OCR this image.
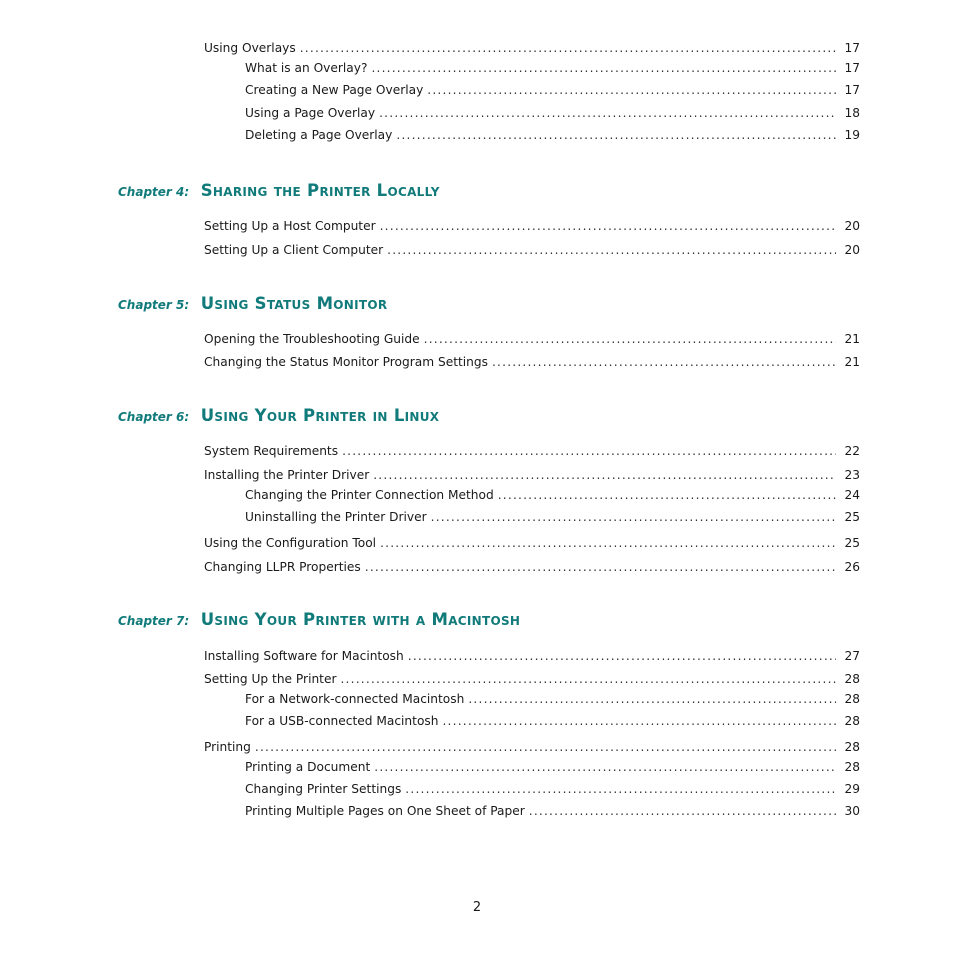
Using Overlays .....	17
What is an Overlay? .....	17
Creating a New Page Overlay .....	17
Using a Page Overlay .....	18
Deleting a Page Overlay .....	19
Chapter 4: Sharing the Printer Locally
Setting Up a Host Computer .....	20
Setting Up a Client Computer .....	20
Chapter 5: Using Status Monitor
Opening the Troubleshooting Guide .....	21
Changing the Status Monitor Program Settings .....	21
Chapter 6: Using Your Printer in Linux
System Requirements .....	22
Installing the Printer Driver .....	23
Changing the Printer Connection Method .....	24
Uninstalling the Printer Driver .....	25
Using the Configuration Tool .....	25
Changing LLPR Properties .....	26
Chapter 7: Using Your Printer with a Macintosh
Installing Software for Macintosh .....	27
Setting Up the Printer .....	28
For a Network-connected Macintosh .....	28
For a USB-connected Macintosh .....	28
Printing .....	28
Printing a Document .....	28
Changing Printer Settings .....	29
Printing Multiple Pages on One Sheet of Paper .....	30
2
